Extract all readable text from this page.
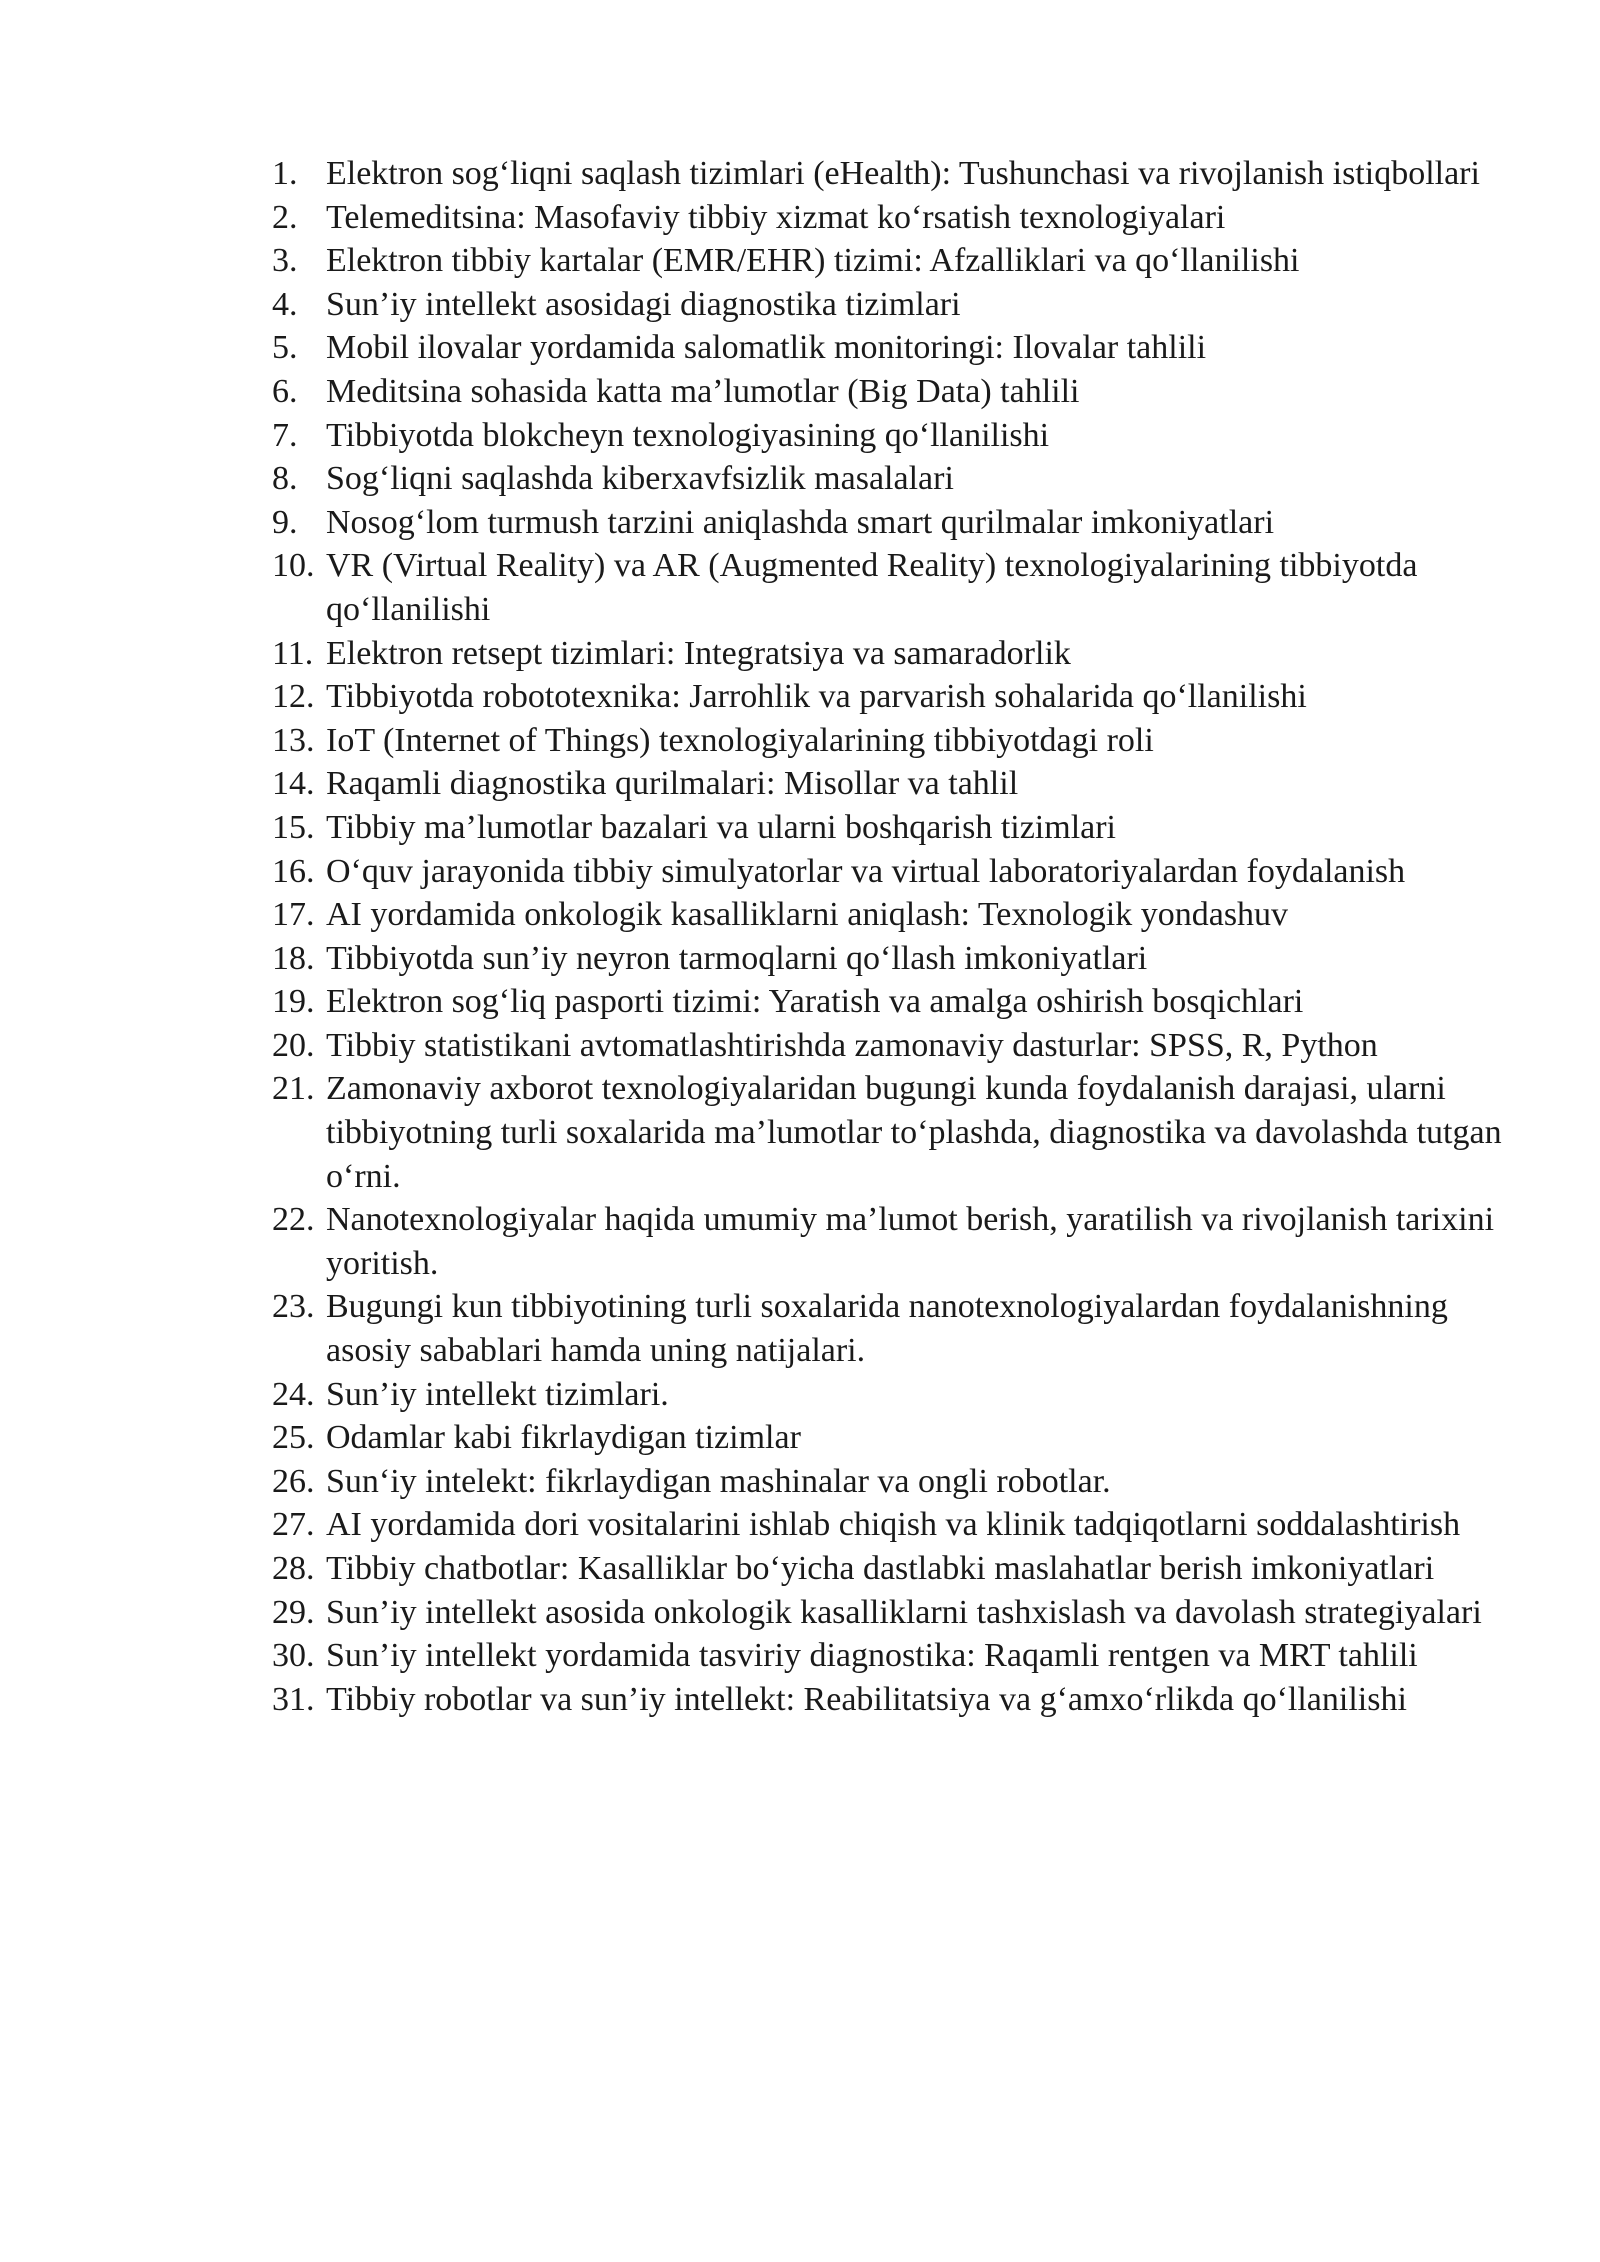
1. Elektron sog‘liqni saqlash tizimlari (eHealth): Tushunchasi va rivojlanish istiqbollari
2. Telemeditsina: Masofaviy tibbiy xizmat ko‘rsatish texnologiyalari
3. Elektron tibbiy kartalar (EMR/EHR) tizimi: Afzalliklari va qo‘llanilishi
4. Sun’iy intellekt asosidagi diagnostika tizimlari
5. Mobil ilovalar yordamida salomatlik monitoringi: Ilovalar tahlili
6. Meditsina sohasida katta ma’lumotlar (Big Data) tahlili
7. Tibbiyotda blokcheyn texnologiyasining qo‘llanilishi
8. Sog‘liqni saqlashda kiberxavfsizlik masalalari
9. Nosog‘lom turmush tarzini aniqlashda smart qurilmalar imkoniyatlari
10. VR (Virtual Reality) va AR (Augmented Reality) texnologiyalarining tibbiyotda qo‘llanilishi
11. Elektron retsept tizimlari: Integratsiya va samaradorlik
12. Tibbiyotda robototexnika: Jarrohlik va parvarish sohalarida qo‘llanilishi
13. IoT (Internet of Things) texnologiyalarining tibbiyotdagi roli
14. Raqamli diagnostika qurilmalari: Misollar va tahlil
15. Tibbiy ma’lumotlar bazalari va ularni boshqarish tizimlari
16. O‘quv jarayonida tibbiy simulyatorlar va virtual laboratoriyalardan foydalanish
17. AI yordamida onkologik kasalliklarni aniqlash: Texnologik yondashuv
18. Tibbiyotda sun’iy neyron tarmoqlarni qo‘llash imkoniyatlari
19. Elektron sog‘liq pasporti tizimi: Yaratish va amalga oshirish bosqichlari
20. Tibbiy statistikani avtomatlashtirishda zamonaviy dasturlar: SPSS, R, Python
21. Zamonaviy axborot texnologiyalaridan bugungi kunda foydalanish darajasi, ularni tibbiyotning turli soxalarida ma’lumotlar to‘plashda, diagnostika va davolashda tutgan o‘rni.
22. Nanotexnologiyalar haqida umumiy ma’lumot berish, yaratilish va rivojlanish tarixini yoritish.
23. Bugungi kun tibbiyotining turli soxalarida nanotexnologiyalardan foydalanishning asosiy sabablari hamda uning natijalari.
24. Sun’iy intellekt tizimlari.
25. Odamlar kabi fikrlaydigan tizimlar
26. Sun‘iy intelekt: fikrlaydigan mashinalar va ongli robotlar.
27. AI yordamida dori vositalarini ishlab chiqish va klinik tadqiqotlarni soddalashtirish
28. Tibbiy chatbotlar: Kasalliklar bo‘yicha dastlabki maslahatlar berish imkoniyatlari
29. Sun’iy intellekt asosida onkologik kasalliklarni tashxislash va davolash strategiyalari
30. Sun’iy intellekt yordamida tasviriy diagnostika: Raqamli rentgen va MRT tahlili
31. Tibbiy robotlar va sun’iy intellekt: Reabilitatsiya va g‘amxo‘rlikda qo‘llanilishi
